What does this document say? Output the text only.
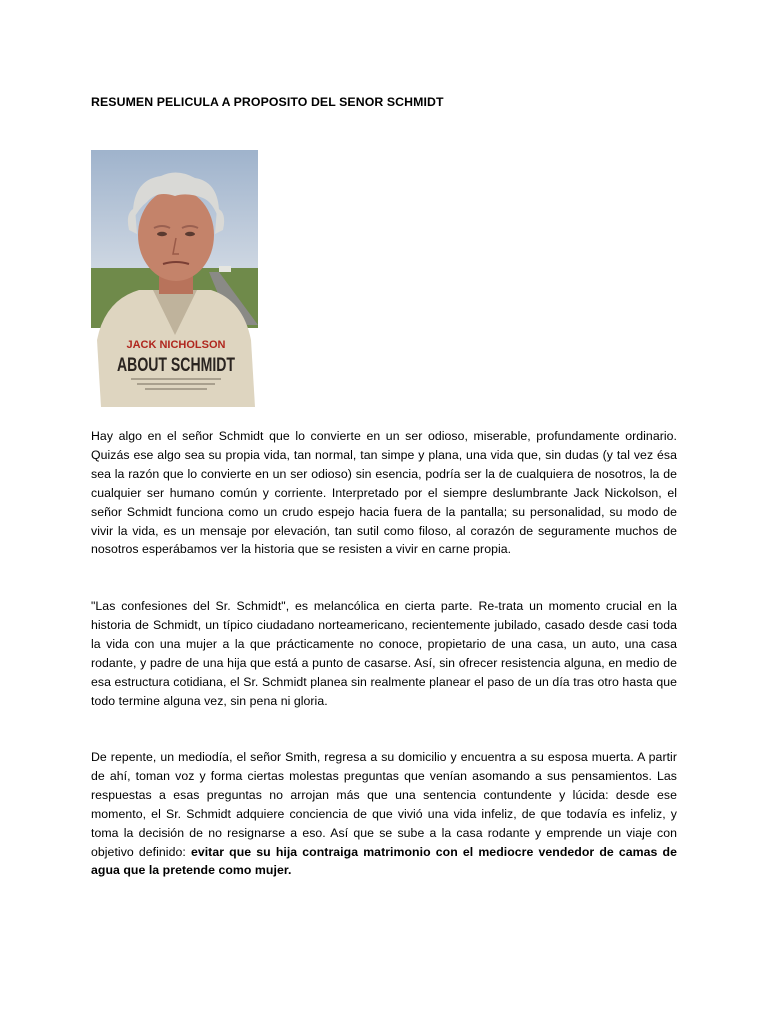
RESUMEN PELICULA A PROPOSITO DEL SENOR SCHMIDT
JACK NICHOLSON
ABOUT SCHMIDT

Hay algo en el señor Schmidt que lo convierte en un ser odioso, miserable, profundamente ordinario. Quizás ese algo sea su propia vida, tan normal, tan simpe y plana, una vida que, sin dudas (y tal vez ésa sea la razón que lo convierte en un ser odioso) sin esencia, podría ser la de cualquiera de nosotros, la de cualquier ser humano común y corriente. Interpretado por el siempre deslumbrante Jack Nickolson, el señor Schmidt funciona como un crudo espejo hacia fuera de la pantalla; su personalidad, su modo de vivir la vida, es un mensaje por elevación, tan sutil como filoso, al corazón de seguramente muchos de nosotros esperábamos ver la historia que se resisten a vivir en carne propia.

"Las confesiones del Sr. Schmidt", es melancólica en cierta parte. Re-trata un momento crucial en la historia de Schmidt, un típico ciudadano norteamericano, recientemente jubilado, casado desde casi toda la vida con una mujer a la que prácticamente no conoce, propietario de una casa, un auto, una casa rodante, y padre de una hija que está a punto de casarse. Así, sin ofrecer resistencia alguna, en medio de esa estructura cotidiana, el Sr. Schmidt planea sin realmente planear el paso de un día tras otro hasta que todo termine alguna vez, sin pena ni gloria.

De repente, un mediodía, el señor Smith, regresa a su domicilio y encuentra a su esposa muerta. A partir de ahí, toman voz y forma ciertas molestas preguntas que venían asomando a sus pensamientos. Las respuestas a esas preguntas no arrojan más que una sentencia contundente y lúcida: desde ese momento, el Sr. Schmidt adquiere conciencia de que vivió una vida infeliz, de que todavía es infeliz, y toma la decisión de no resignarse a eso. Así que se sube a la casa rodante y emprende un viaje con objetivo definido: evitar que su hija contraiga matrimonio con el mediocre vendedor de camas de agua que la pretende como mujer.
